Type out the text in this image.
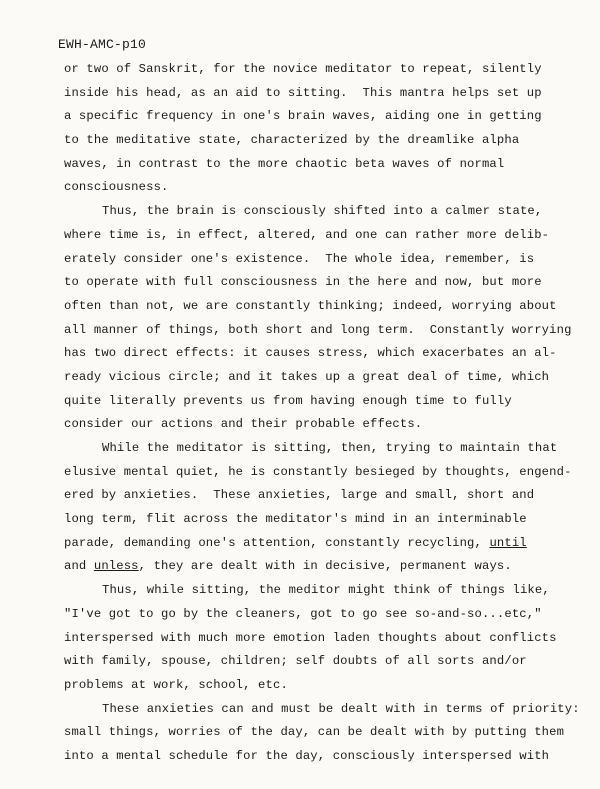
EWH-AMC-p10
or two of Sanskrit, for the novice meditator to repeat, silently
inside his head, as an aid to sitting.  This mantra helps set up
a specific frequency in one's brain waves, aiding one in getting
to the meditative state, characterized by the dreamlike alpha
waves, in contrast to the more chaotic beta waves of normal
consciousness.
Thus, the brain is consciously shifted into a calmer state,
where time is, in effect, altered, and one can rather more delib-
erately consider one's existence.  The whole idea, remember, is
to operate with full consciousness in the here and now, but more
often than not, we are constantly thinking; indeed, worrying about
all manner of things, both short and long term.  Constantly worrying
has two direct effects: it causes stress, which exacerbates an al-
ready vicious circle; and it takes up a great deal of time, which
quite literally prevents us from having enough time to fully
consider our actions and their probable effects.
While the meditator is sitting, then, trying to maintain that
elusive mental quiet, he is constantly besieged by thoughts, engend-
ered by anxieties.  These anxieties, large and small, short and
long term, flit across the meditator's mind in an interminable
parade, demanding one's attention, constantly recycling, until
and unless, they are dealt with in decisive, permanent ways.
Thus, while sitting, the meditor might think of things like,
"I've got to go by the cleaners, got to go see so-and-so...etc,"
interspersed with much more emotion laden thoughts about conflicts
with family, spouse, children; self doubts of all sorts and/or
problems at work, school, etc.
These anxieties can and must be dealt with in terms of priority:
small things, worries of the day, can be dealt with by putting them
into a mental schedule for the day, consciously interspersed with
